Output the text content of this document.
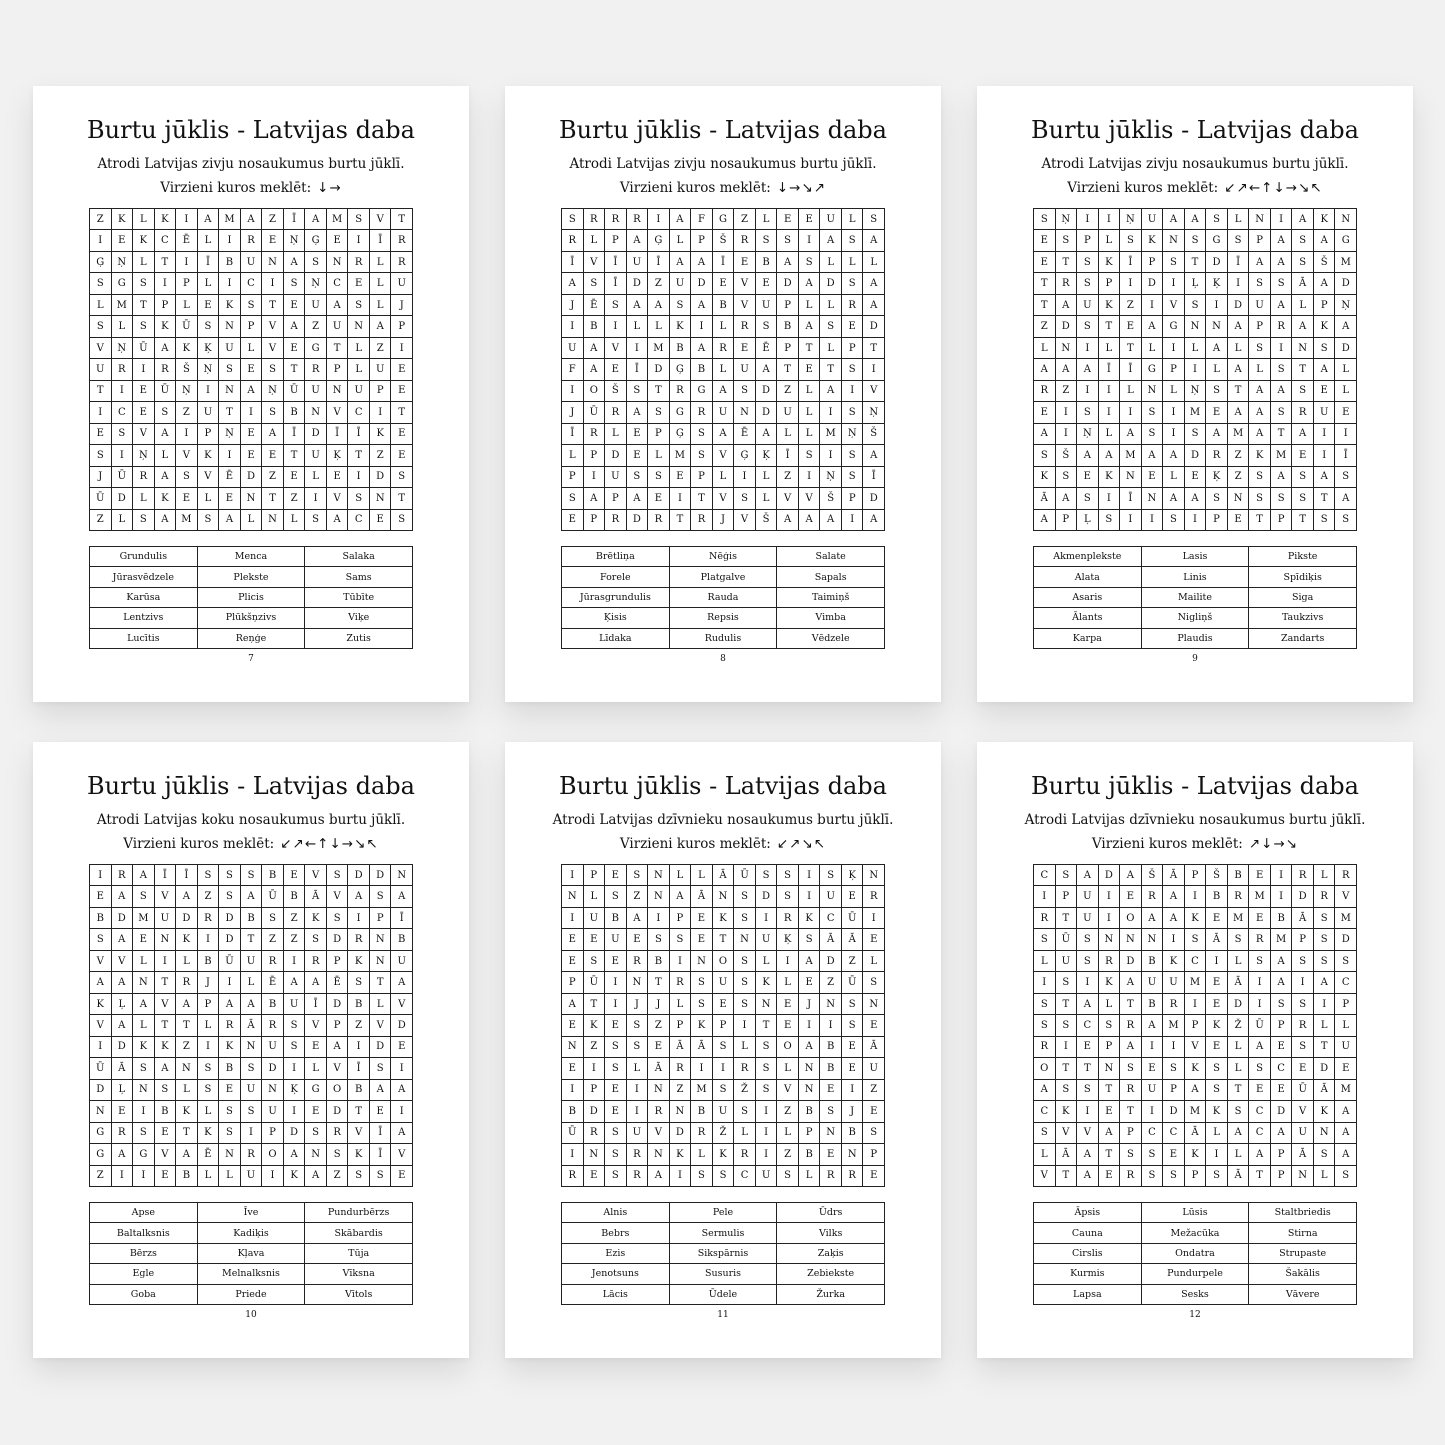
Burtu jūklis - Latvijas daba
Atrodi Latvijas zivju nosaukumus burtu jūklī.
Virzieni kuros meklēt: ↓→
Z	K	L	K	I	A	M	A	Z	Ī	A	M	S	V	T
I	E	K	C	Ē	L	I	R	E	Ņ	Ģ	E	I	Ī	R
Ģ	Ņ	L	T	I	Ī	B	U	N	A	S	N	R	L	R
S	G	S	I	P	L	I	C	I	S	Ņ	C	E	L	U
L	M	T	P	L	E	K	S	T	E	U	A	S	L	J
S	L	S	K	Ū	S	N	P	V	A	Z	U	N	A	P
V	Ņ	Ū	A	K	Ķ	U	L	V	E	G	T	L	Z	I
U	R	I	R	Š	Ņ	S	E	S	T	R	P	L	U	E
T	I	E	Ū	Ņ	I	N	A	Ņ	Ū	U	N	U	P	E
I	C	E	S	Z	U	T	I	S	B	N	V	C	I	T
E	S	V	A	I	P	Ņ	E	A	Ī	D	Ī	Ī	K	E
S	I	Ņ	L	V	K	I	E	E	T	U	Ķ	T	Z	E
J	Ū	R	A	S	V	Ē	D	Z	E	L	E	I	D	S
Ū	D	L	K	E	L	E	N	T	Z	I	V	S	N	T
Z	L	S	A	M	S	A	L	N	L	S	A	C	E	S
Grundulis	Menca	Salaka
Jūrasvēdzele	Plekste	Sams
Karūsa	Plicis	Tūbīte
Lentzivs	Plūkšņzivs	Viķe
Lucītis	Reņģe	Zutis
7
Burtu jūklis - Latvijas daba
Atrodi Latvijas zivju nosaukumus burtu jūklī.
Virzieni kuros meklēt: ↓→↘↗
S	R	R	R	I	A	F	G	Z	L	E	E	U	L	S
R	L	P	A	Ģ	L	P	Š	R	S	S	I	A	S	A
Ī	V	Ī	U	Ī	A	A	Ī	E	B	A	S	L	L	L
A	S	Ī	D	Z	U	D	E	V	E	D	A	D	S	A
J	Ē	S	A	A	S	A	B	V	U	P	L	L	R	A
I	B	I	L	L	K	I	L	R	S	B	A	S	E	D
U	A	V	I	M	B	A	R	E	Ē	P	T	L	P	T
F	A	E	Ī	D	Ģ	B	L	U	A	T	E	T	S	I
I	O	Š	S	T	R	G	A	S	D	Z	L	A	I	V
J	Ū	R	A	S	G	R	U	N	D	U	L	I	S	Ņ
Ī	R	L	E	P	Ģ	S	A	Ē	A	L	L	M	Ņ	Š
L	P	D	E	L	M	S	V	Ģ	Ķ	Ī	S	I	S	A
P	I	U	S	S	E	P	L	I	L	Z	I	Ņ	S	Ī
S	A	P	A	E	I	T	V	S	L	V	V	Š	P	D
E	P	R	D	R	T	R	J	V	Š	A	A	A	I	A
Brētliņa	Nēģis	Salate
Forele	Platgalve	Sapals
Jūrasgrundulis	Rauda	Taimiņš
Ķisis	Repsis	Vimba
Līdaka	Rudulis	Vēdzele
8
Burtu jūklis - Latvijas daba
Atrodi Latvijas zivju nosaukumus burtu jūklī.
Virzieni kuros meklēt: ↙↗←↑↓→↘↖
S	Ņ	I	I	Ņ	U	A	A	S	L	N	I	A	K	N
E	S	P	L	S	K	N	S	G	S	P	A	S	A	G
E	T	S	K	Ī	P	S	T	D	Ī	A	A	S	Š	M
T	R	S	P	I	D	I	Ļ	Ķ	I	S	S	Ā	A	D
T	A	U	K	Z	I	V	S	I	D	U	A	L	P	Ņ
Z	D	S	T	E	A	G	N	N	A	P	R	A	K	A
L	N	I	L	T	L	I	L	A	L	S	I	N	S	D
A	A	A	Ī	Ī	G	P	I	L	A	L	S	T	A	L
R	Z	I	I	L	N	L	Ņ	S	T	A	A	S	E	L
E	I	S	I	I	S	I	M	E	A	A	S	R	U	E
A	I	Ņ	L	A	S	I	S	A	M	A	T	A	I	I
S	Š	A	A	M	A	A	D	R	Z	K	M	E	I	Ī
K	S	E	K	N	E	L	E	Ķ	Z	S	A	S	A	S
Ā	A	S	I	Ī	N	A	A	S	N	S	S	S	T	A
A	P	Ļ	S	I	I	S	I	P	E	T	P	T	S	S
Akmenplekste	Lasis	Pikste
Alata	Linis	Spīdiķis
Asaris	Mailite	Siga
Ālants	Nigliņš	Taukzivs
Karpa	Plaudis	Zandarts
9
Burtu jūklis - Latvijas daba
Atrodi Latvijas koku nosaukumus burtu jūklī.
Virzieni kuros meklēt: ↙↗←↑↓→↘↖
I	R	A	Ī	Ī	S	S	S	B	E	V	S	D	D	N
E	A	S	V	A	Z	S	A	Ū	B	Ā	V	A	S	A
B	D	M	U	D	R	D	B	S	Z	K	S	I	P	Ī
S	A	E	N	K	I	D	T	Z	Z	S	D	R	N	B
V	V	L	I	L	B	Ū	U	R	I	R	P	K	N	U
A	A	N	T	R	J	I	L	Ē	A	A	Ē	S	T	A
K	Ļ	A	V	A	P	A	A	B	U	Ī	D	B	L	V
V	A	L	T	T	L	R	Ā	R	S	V	P	Z	V	D
I	D	K	K	Z	I	K	N	U	S	E	A	I	D	E
Ū	Ā	S	A	N	S	B	S	D	I	L	V	Ī	S	I
D	Ļ	N	S	L	S	E	U	N	Ķ	G	O	B	A	A
N	E	I	B	K	L	S	S	U	I	E	D	T	E	I
G	R	S	E	T	K	S	I	P	D	S	R	V	Ī	A
G	A	G	V	A	Ē	N	R	O	A	N	S	K	Ī	V
Z	I	I	E	B	L	L	U	I	K	A	Z	S	S	E
Apse	Īve	Pundurbērzs
Baltalksnis	Kadiķis	Skābardis
Bērzs	Kļava	Tūja
Egle	Melnalksnis	Vīksna
Goba	Priede	Vītols
10
Burtu jūklis - Latvijas daba
Atrodi Latvijas dzīvnieku nosaukumus burtu jūklī.
Virzieni kuros meklēt: ↙↗↘↖
I	P	E	S	N	L	L	Ā	Ū	S	S	I	S	Ķ	N
N	L	S	Z	N	A	Ā	N	S	D	S	I	U	E	R
I	U	B	A	I	P	E	K	S	I	R	K	C	Ū	I
E	E	U	E	S	S	E	T	N	U	Ķ	S	Ā	Ā	E
E	S	E	R	B	I	N	O	S	L	I	A	D	Z	L
P	Ū	I	N	T	R	S	U	S	K	L	E	Z	Ū	S
A	T	I	J	J	L	S	E	S	N	E	J	N	S	N
E	K	E	S	Z	P	K	P	I	T	E	I	I	S	E
N	Z	S	S	E	Ā	Ā	S	L	S	O	A	B	E	Ā
E	I	S	L	Ā	R	I	I	R	S	L	N	B	E	U
I	P	E	I	N	Z	M	S	Ž	S	V	N	E	I	Z
B	D	E	I	R	N	B	U	S	I	Z	B	S	J	E
Ū	R	S	U	V	D	R	Ž	L	I	L	P	N	B	S
I	N	S	R	N	K	L	K	R	I	Z	B	E	N	P
R	E	S	R	A	I	S	S	C	U	S	L	R	R	E
Alnis	Pele	Ūdrs
Bebrs	Sermulis	Vilks
Ezis	Sikspārnis	Zaķis
Jenotsuns	Susuris	Zebiekste
Lācis	Ūdele	Žurka
11
Burtu jūklis - Latvijas daba
Atrodi Latvijas dzīvnieku nosaukumus burtu jūklī.
Virzieni kuros meklēt: ↗↓→↘
C	S	A	D	A	Š	Ā	P	Š	B	E	I	R	L	R
I	P	U	I	E	R	A	I	B	R	M	I	D	R	V
R	T	U	I	O	A	A	K	E	M	E	B	Ā	S	M
S	Ū	S	N	N	N	I	S	Ā	S	R	M	P	S	D
L	U	S	R	D	B	K	C	I	L	S	A	S	S	S
I	S	I	K	A	U	U	M	E	Ā	I	A	I	A	C
S	T	A	L	T	B	R	I	E	D	I	S	S	I	P
S	S	C	S	R	A	M	P	K	Ž	Ū	P	R	L	L
R	I	E	P	A	I	I	V	E	L	A	E	S	T	U
O	T	T	N	S	E	S	K	S	L	S	C	E	D	E
A	S	S	T	R	U	P	A	S	T	E	E	Ū	Ā	M
C	K	I	E	T	I	D	M	K	S	C	D	V	K	A
S	V	V	A	P	C	C	Ā	L	A	C	A	U	N	A
L	Ā	A	T	S	S	E	K	I	L	A	P	Ā	S	A
V	T	A	E	R	S	S	P	S	Ā	T	P	N	L	S
Āpsis	Lūsis	Staltbriedis
Cauna	Mežacūka	Stirna
Cirslis	Ondatra	Strupaste
Kurmis	Pundurpele	Šakālis
Lapsa	Sesks	Vāvere
12
